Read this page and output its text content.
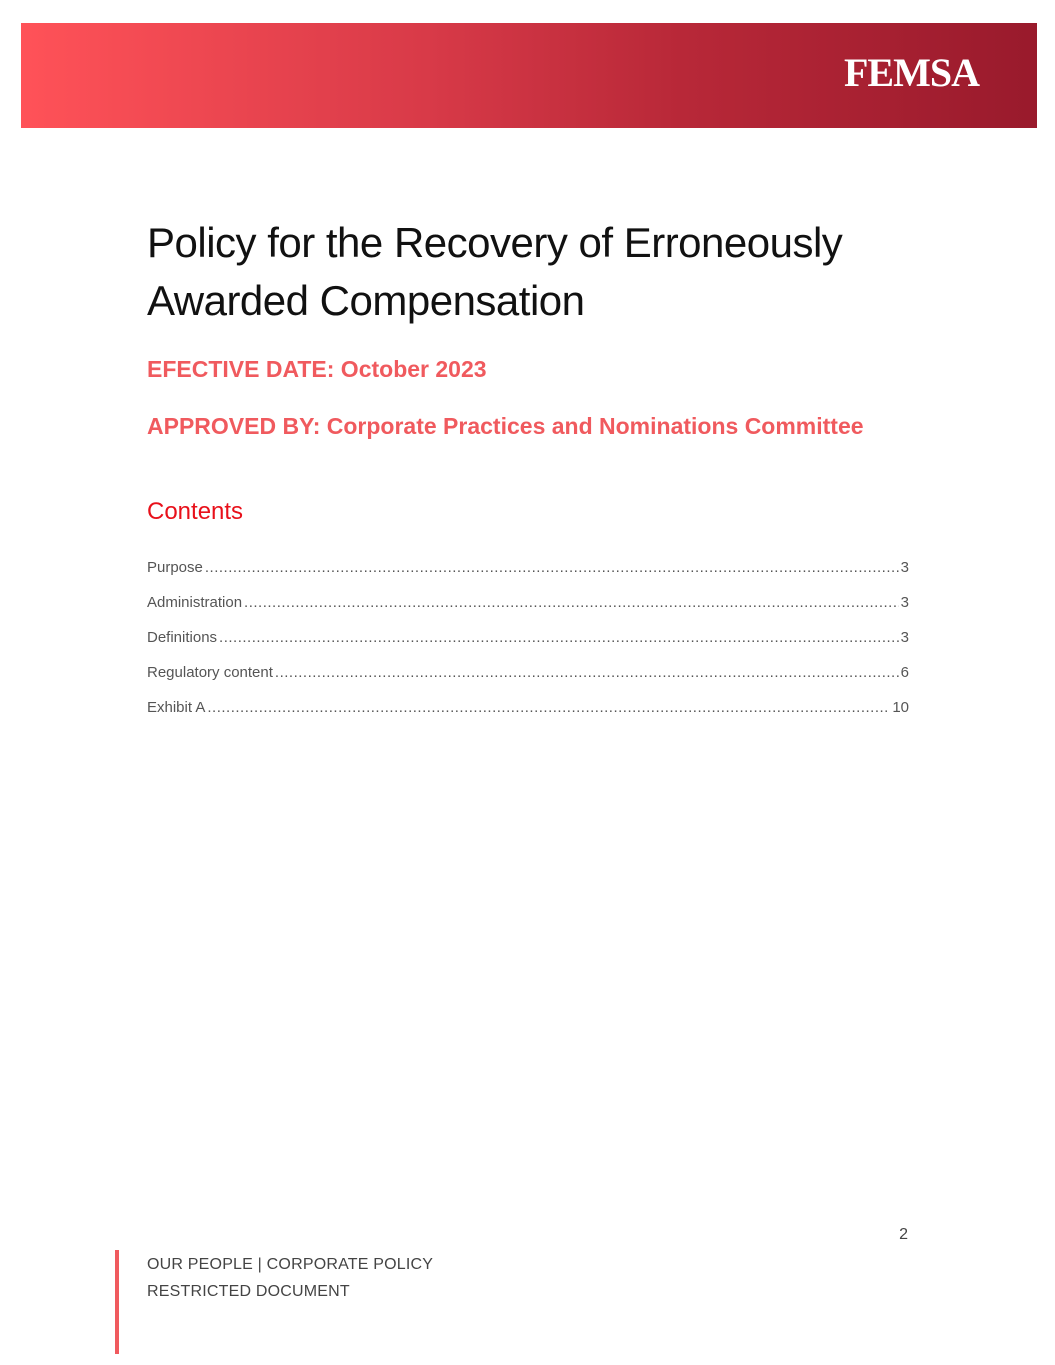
FEMSA
Policy for the Recovery of Erroneously
Awarded Compensation

EFECTIVE DATE: October 2023

APPROVED BY: Corporate Practices and Nominations Committee

Contents
Purpose .....	3
Administration .....	3
Definitions .....	3
Regulatory content .....	6
Exhibit A .....	10
2
OUR PEOPLE | CORPORATE POLICY
RESTRICTED DOCUMENT
